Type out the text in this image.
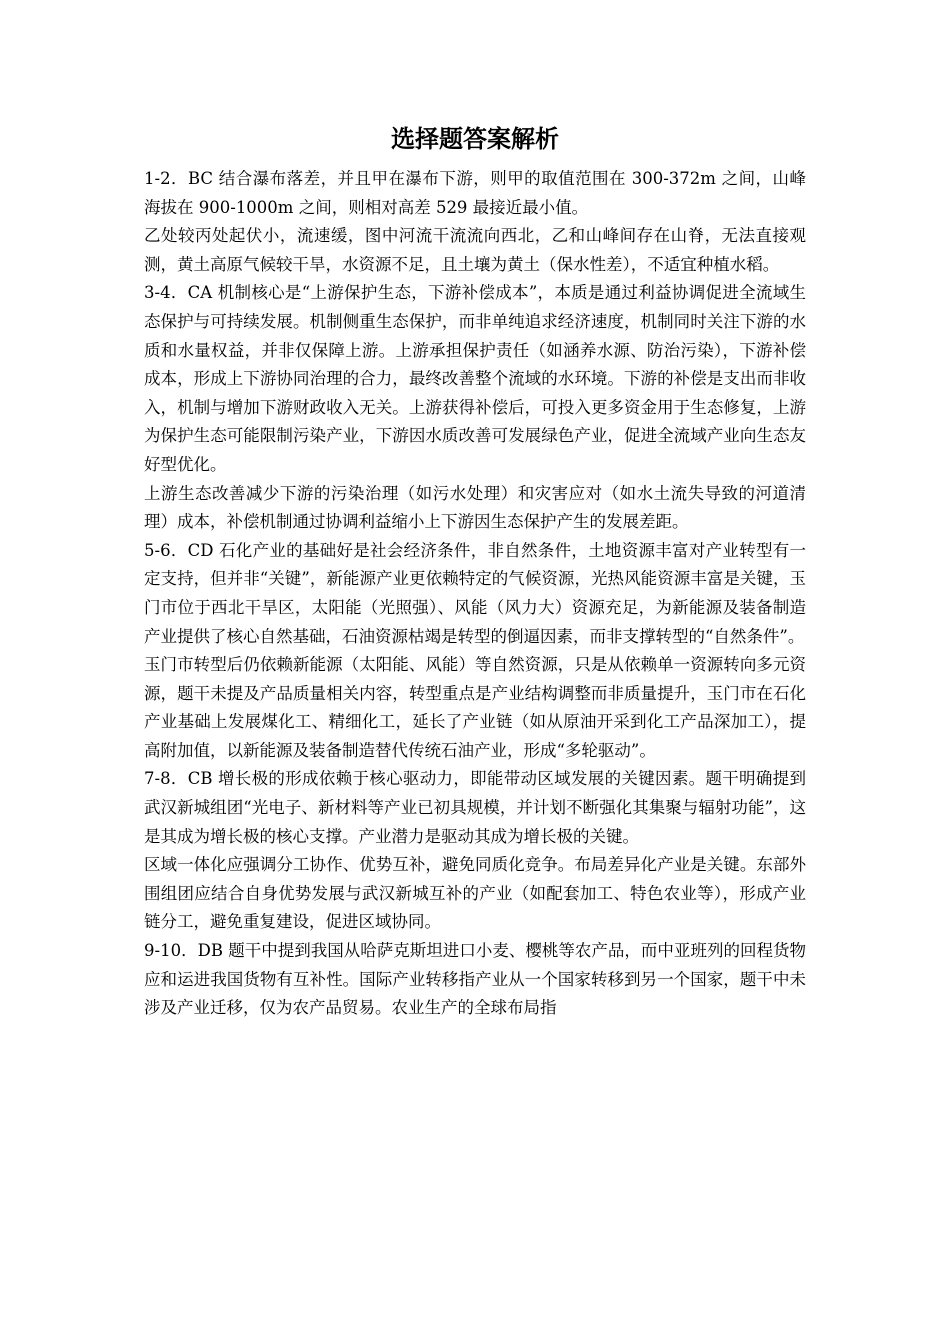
选择题答案解析

1-2．BC 结合瀑布落差，并且甲在瀑布下游，则甲的取值范围在 300-372m 之间，山峰海拔在 900-1000m 之间，则相对高差 529 最接近最小值。

乙处较丙处起伏小，流速缓，图中河流干流流向西北，乙和山峰间存在山脊，无法直接观测，黄土高原气候较干旱，水资源不足，且土壤为黄土（保水性差），不适宜种植水稻。

3-4．CA 机制核心是“上游保护生态，下游补偿成本”，本质是通过利益协调促进全流域生态保护与可持续发展。机制侧重生态保护，而非单纯追求经济速度，机制同时关注下游的水质和水量权益，并非仅保障上游。上游承担保护责任（如涵养水源、防治污染），下游补偿成本，形成上下游协同治理的合力，最终改善整个流域的水环境。下游的补偿是支出而非收入，机制与增加下游财政收入无关。上游获得补偿后，可投入更多资金用于生态修复，上游为保护生态可能限制污染产业，下游因水质改善可发展绿色产业，促进全流域产业向生态友好型优化。

上游生态改善减少下游的污染治理（如污水处理）和灾害应对（如水土流失导致的河道清理）成本，补偿机制通过协调利益缩小上下游因生态保护产生的发展差距。

5-6．CD 石化产业的基础好是社会经济条件，非自然条件，土地资源丰富对产业转型有一定支持，但并非“关键”，新能源产业更依赖特定的气候资源，光热风能资源丰富是关键，玉门市位于西北干旱区，太阳能（光照强）、风能（风力大）资源充足，为新能源及装备制造产业提供了核心自然基础，石油资源枯竭是转型的倒逼因素，而非支撑转型的“自然条件”。

玉门市转型后仍依赖新能源（太阳能、风能）等自然资源，只是从依赖单一资源转向多元资源，题干未提及产品质量相关内容，转型重点是产业结构调整而非质量提升，玉门市在石化产业基础上发展煤化工、精细化工，延长了产业链（如从原油开采到化工产品深加工），提高附加值，以新能源及装备制造替代传统石油产业，形成“多轮驱动”。

7-8．CB 增长极的形成依赖于核心驱动力，即能带动区域发展的关键因素。题干明确提到武汉新城组团“光电子、新材料等产业已初具规模，并计划不断强化其集聚与辐射功能”，这是其成为增长极的核心支撑。产业潜力是驱动其成为增长极的关键。

区域一体化应强调分工协作、优势互补，避免同质化竞争。布局差异化产业是关键。东部外围组团应结合自身优势发展与武汉新城互补的产业（如配套加工、特色农业等），形成产业链分工，避免重复建设，促进区域协同。

9-10．DB 题干中提到我国从哈萨克斯坦进口小麦、樱桃等农产品，而中亚班列的回程货物应和运进我国货物有互补性。国际产业转移指产业从一个国家转移到另一个国家，题干中未涉及产业迁移，仅为农产品贸易。农业生产的全球布局指
